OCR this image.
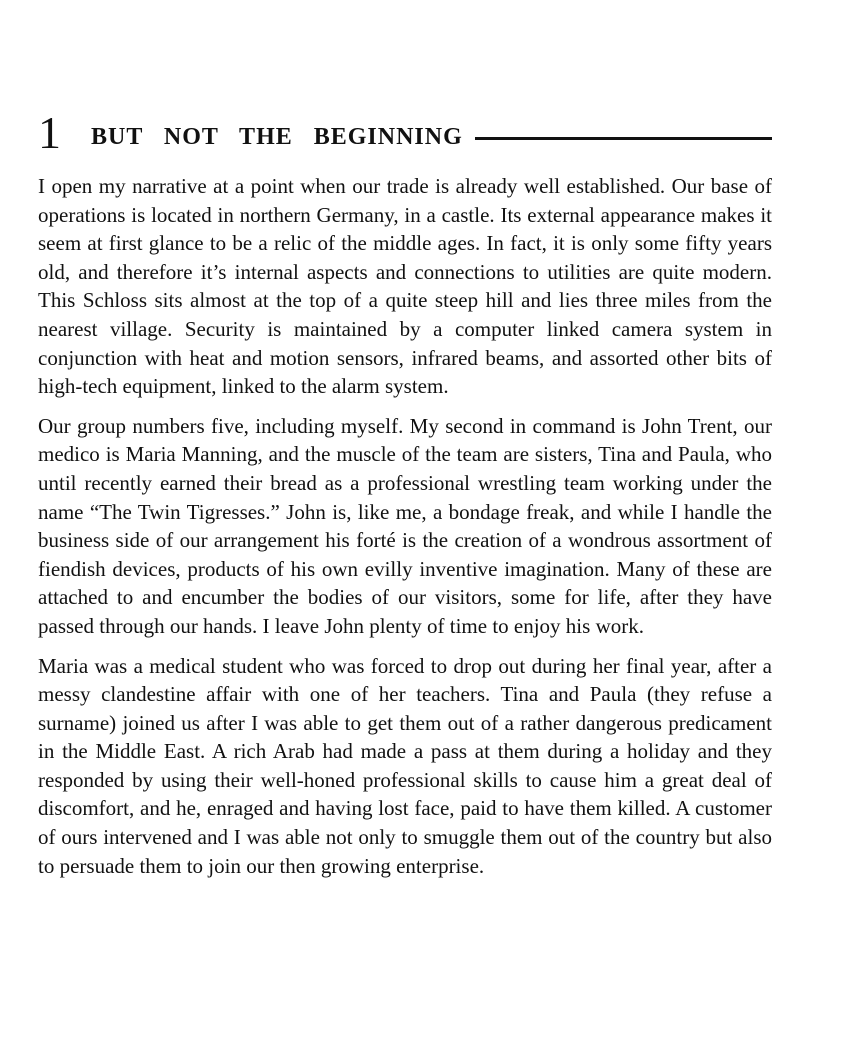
1 BUT NOT THE BEGINNING

I open my narrative at a point when our trade is already well established. Our base of operations is located in northern Germany, in a castle. Its external appearance makes it seem at first glance to be a relic of the middle ages. In fact, it is only some fifty years old, and therefore it’s internal aspects and connections to utilities are quite modern. This Schloss sits almost at the top of a quite steep hill and lies three miles from the nearest village. Security is maintained by a computer linked camera system in conjunction with heat and motion sensors, infrared beams, and assorted other bits of high-tech equipment, linked to the alarm system.

Our group numbers five, including myself. My second in command is John Trent, our medico is Maria Manning, and the muscle of the team are sisters, Tina and Paula, who until recently earned their bread as a professional wrestling team working under the name “The Twin Tigresses.” John is, like me, a bondage freak, and while I handle the business side of our arrangement his forté is the creation of a wondrous assortment of fiendish devices, products of his own evilly inventive imagination. Many of these are attached to and encumber the bodies of our visitors, some for life, after they have passed through our hands. I leave John plenty of time to enjoy his work.

Maria was a medical student who was forced to drop out during her final year, after a messy clandestine affair with one of her teachers. Tina and Paula (they refuse a surname) joined us after I was able to get them out of a rather dangerous predicament in the Middle East. A rich Arab had made a pass at them during a holiday and they responded by using their well-honed professional skills to cause him a great deal of discomfort, and he, enraged and having lost face, paid to have them killed. A customer of ours intervened and I was able not only to smuggle them out of the country but also to persuade them to join our then growing enterprise.
